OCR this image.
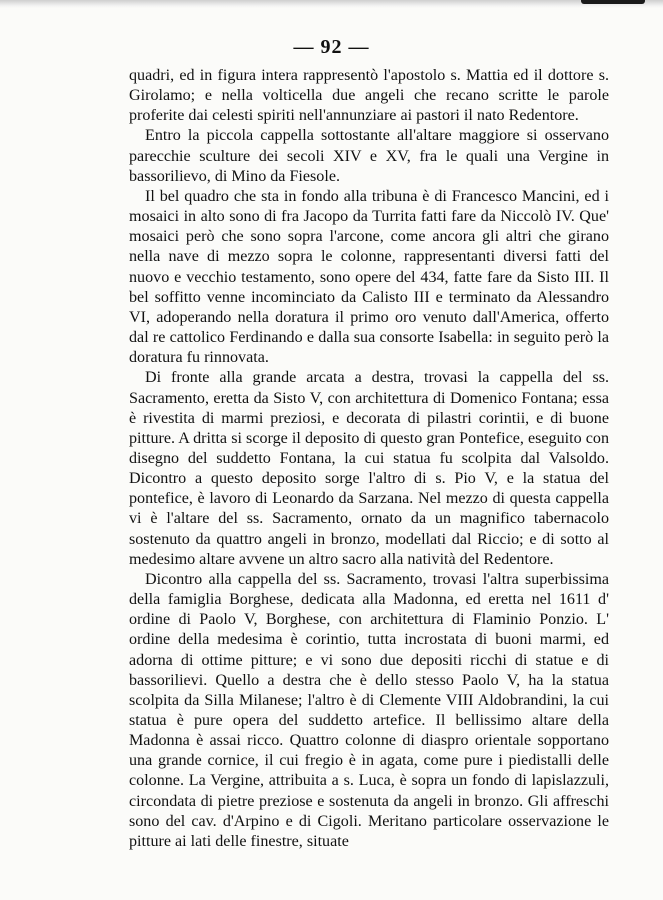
— 92 —

quadri, ed in figura intera rappresentò l'apostolo s. Mattia ed il dottore s. Girolamo; e nella volticella due angeli che recano scritte le parole proferite dai celesti spiriti nell'annunziare ai pastori il nato Redentore.

Entro la piccola cappella sottostante all'altare maggiore si osservano parecchie sculture dei secoli XIV e XV, fra le quali una Vergine in bassorilievo, di Mino da Fiesole.

Il bel quadro che sta in fondo alla tribuna è di Francesco Mancini, ed i mosaici in alto sono di fra Jacopo da Turrita fatti fare da Niccolò IV. Que' mosaici però che sono sopra l'arcone, come ancora gli altri che girano nella nave di mezzo sopra le colonne, rappresentanti diversi fatti del nuovo e vecchio testamento, sono opere del 434, fatte fare da Sisto III. Il bel soffitto venne incominciato da Calisto III e terminato da Alessandro VI, adoperando nella doratura il primo oro venuto dall'America, offerto dal re cattolico Ferdinando e dalla sua consorte Isabella: in seguito però la doratura fu rinnovata.

Di fronte alla grande arcata a destra, trovasi la cappella del ss. Sacramento, eretta da Sisto V, con architettura di Domenico Fontana; essa è rivestita di marmi preziosi, e decorata di pilastri corintii, e di buone pitture. A dritta si scorge il deposito di questo gran Pontefice, eseguito con disegno del suddetto Fontana, la cui statua fu scolpita dal Valsoldo. Dicontro a questo deposito sorge l'altro di s. Pio V, e la statua del pontefice, è lavoro di Leonardo da Sarzana. Nel mezzo di questa cappella vi è l'altare del ss. Sacramento, ornato da un magnifico tabernacolo sostenuto da quattro angeli in bronzo, modellati dal Riccio; e di sotto al medesimo altare avvene un altro sacro alla natività del Redentore.

Dicontro alla cappella del ss. Sacramento, trovasi l'altra superbissima della famiglia Borghese, dedicata alla Madonna, ed eretta nel 1611 d' ordine di Paolo V, Borghese, con architettura di Flaminio Ponzio. L' ordine della medesima è corintio, tutta incrostata di buoni marmi, ed adorna di ottime pitture; e vi sono due depositi ricchi di statue e di bassorilievi. Quello a destra che è dello stesso Paolo V, ha la statua scolpita da Silla Milanese; l'altro è di Clemente VIII Aldobrandini, la cui statua è pure opera del suddetto artefice. Il bellissimo altare della Madonna è assai ricco. Quattro colonne di diaspro orientale sopportano una grande cornice, il cui fregio è in agata, come pure i piedistalli delle colonne. La Vergine, attribuita a s. Luca, è sopra un fondo di lapislazzuli, circondata di pietre preziose e sostenuta da angeli in bronzo. Gli affreschi sono del cav. d'Arpino e di Cigoli. Meritano particolare osservazione le pitture ai lati delle finestre, situate
